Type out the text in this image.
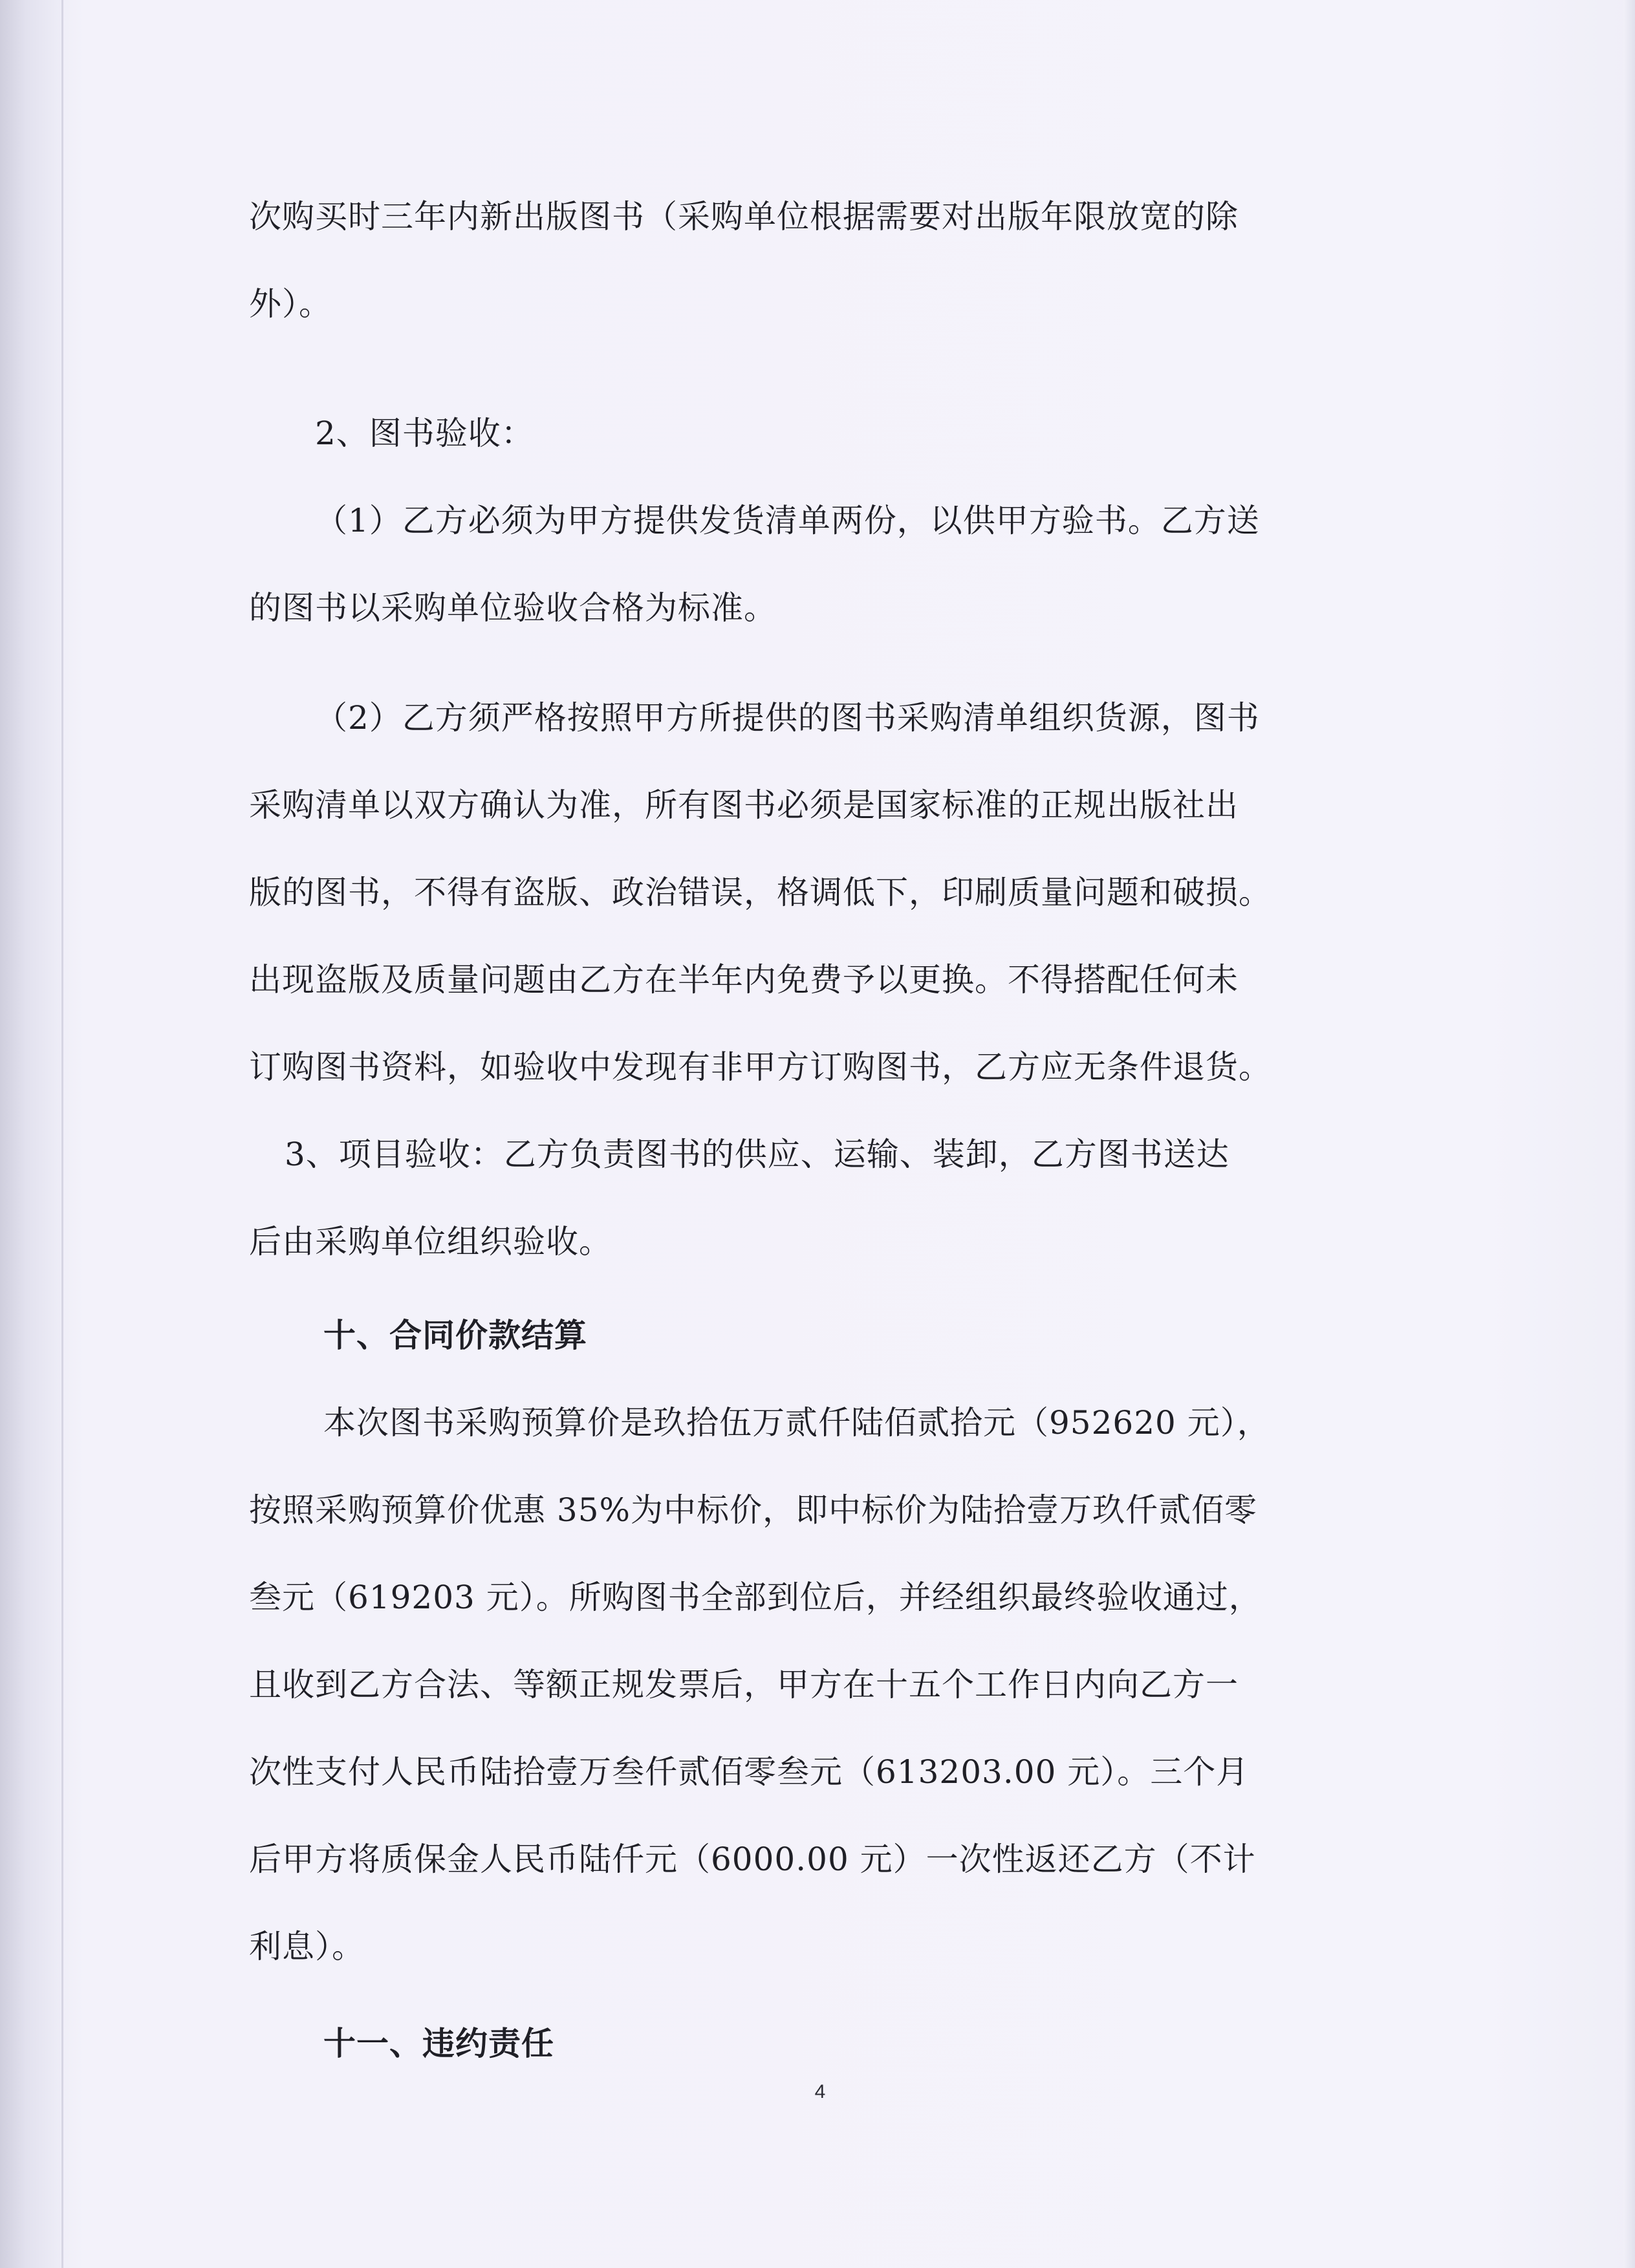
次购买时三年内新出版图书（采购单位根据需要对出版年限放宽的除
外）。
2、图书验收：
（1）乙方必须为甲方提供发货清单两份，以供甲方验书。乙方送
的图书以采购单位验收合格为标准。
（2）乙方须严格按照甲方所提供的图书采购清单组织货源，图书
采购清单以双方确认为准，所有图书必须是国家标准的正规出版社出
版的图书，不得有盗版、政治错误，格调低下，印刷质量问题和破损。
出现盗版及质量问题由乙方在半年内免费予以更换。不得搭配任何未
订购图书资料，如验收中发现有非甲方订购图书，乙方应无条件退货。
3、项目验收：乙方负责图书的供应、运输、装卸，乙方图书送达
后由采购单位组织验收。
十、合同价款结算
本次图书采购预算价是玖拾伍万贰仟陆佰贰拾元（952620 元），
按照采购预算价优惠 35%为中标价，即中标价为陆拾壹万玖仟贰佰零
叁元（619203 元）。所购图书全部到位后，并经组织最终验收通过，
且收到乙方合法、等额正规发票后，甲方在十五个工作日内向乙方一
次性支付人民币陆拾壹万叁仟贰佰零叁元（613203.00 元）。三个月
后甲方将质保金人民币陆仟元（6000.00 元）一次性返还乙方（不计
利息）。
十一、违约责任
4
